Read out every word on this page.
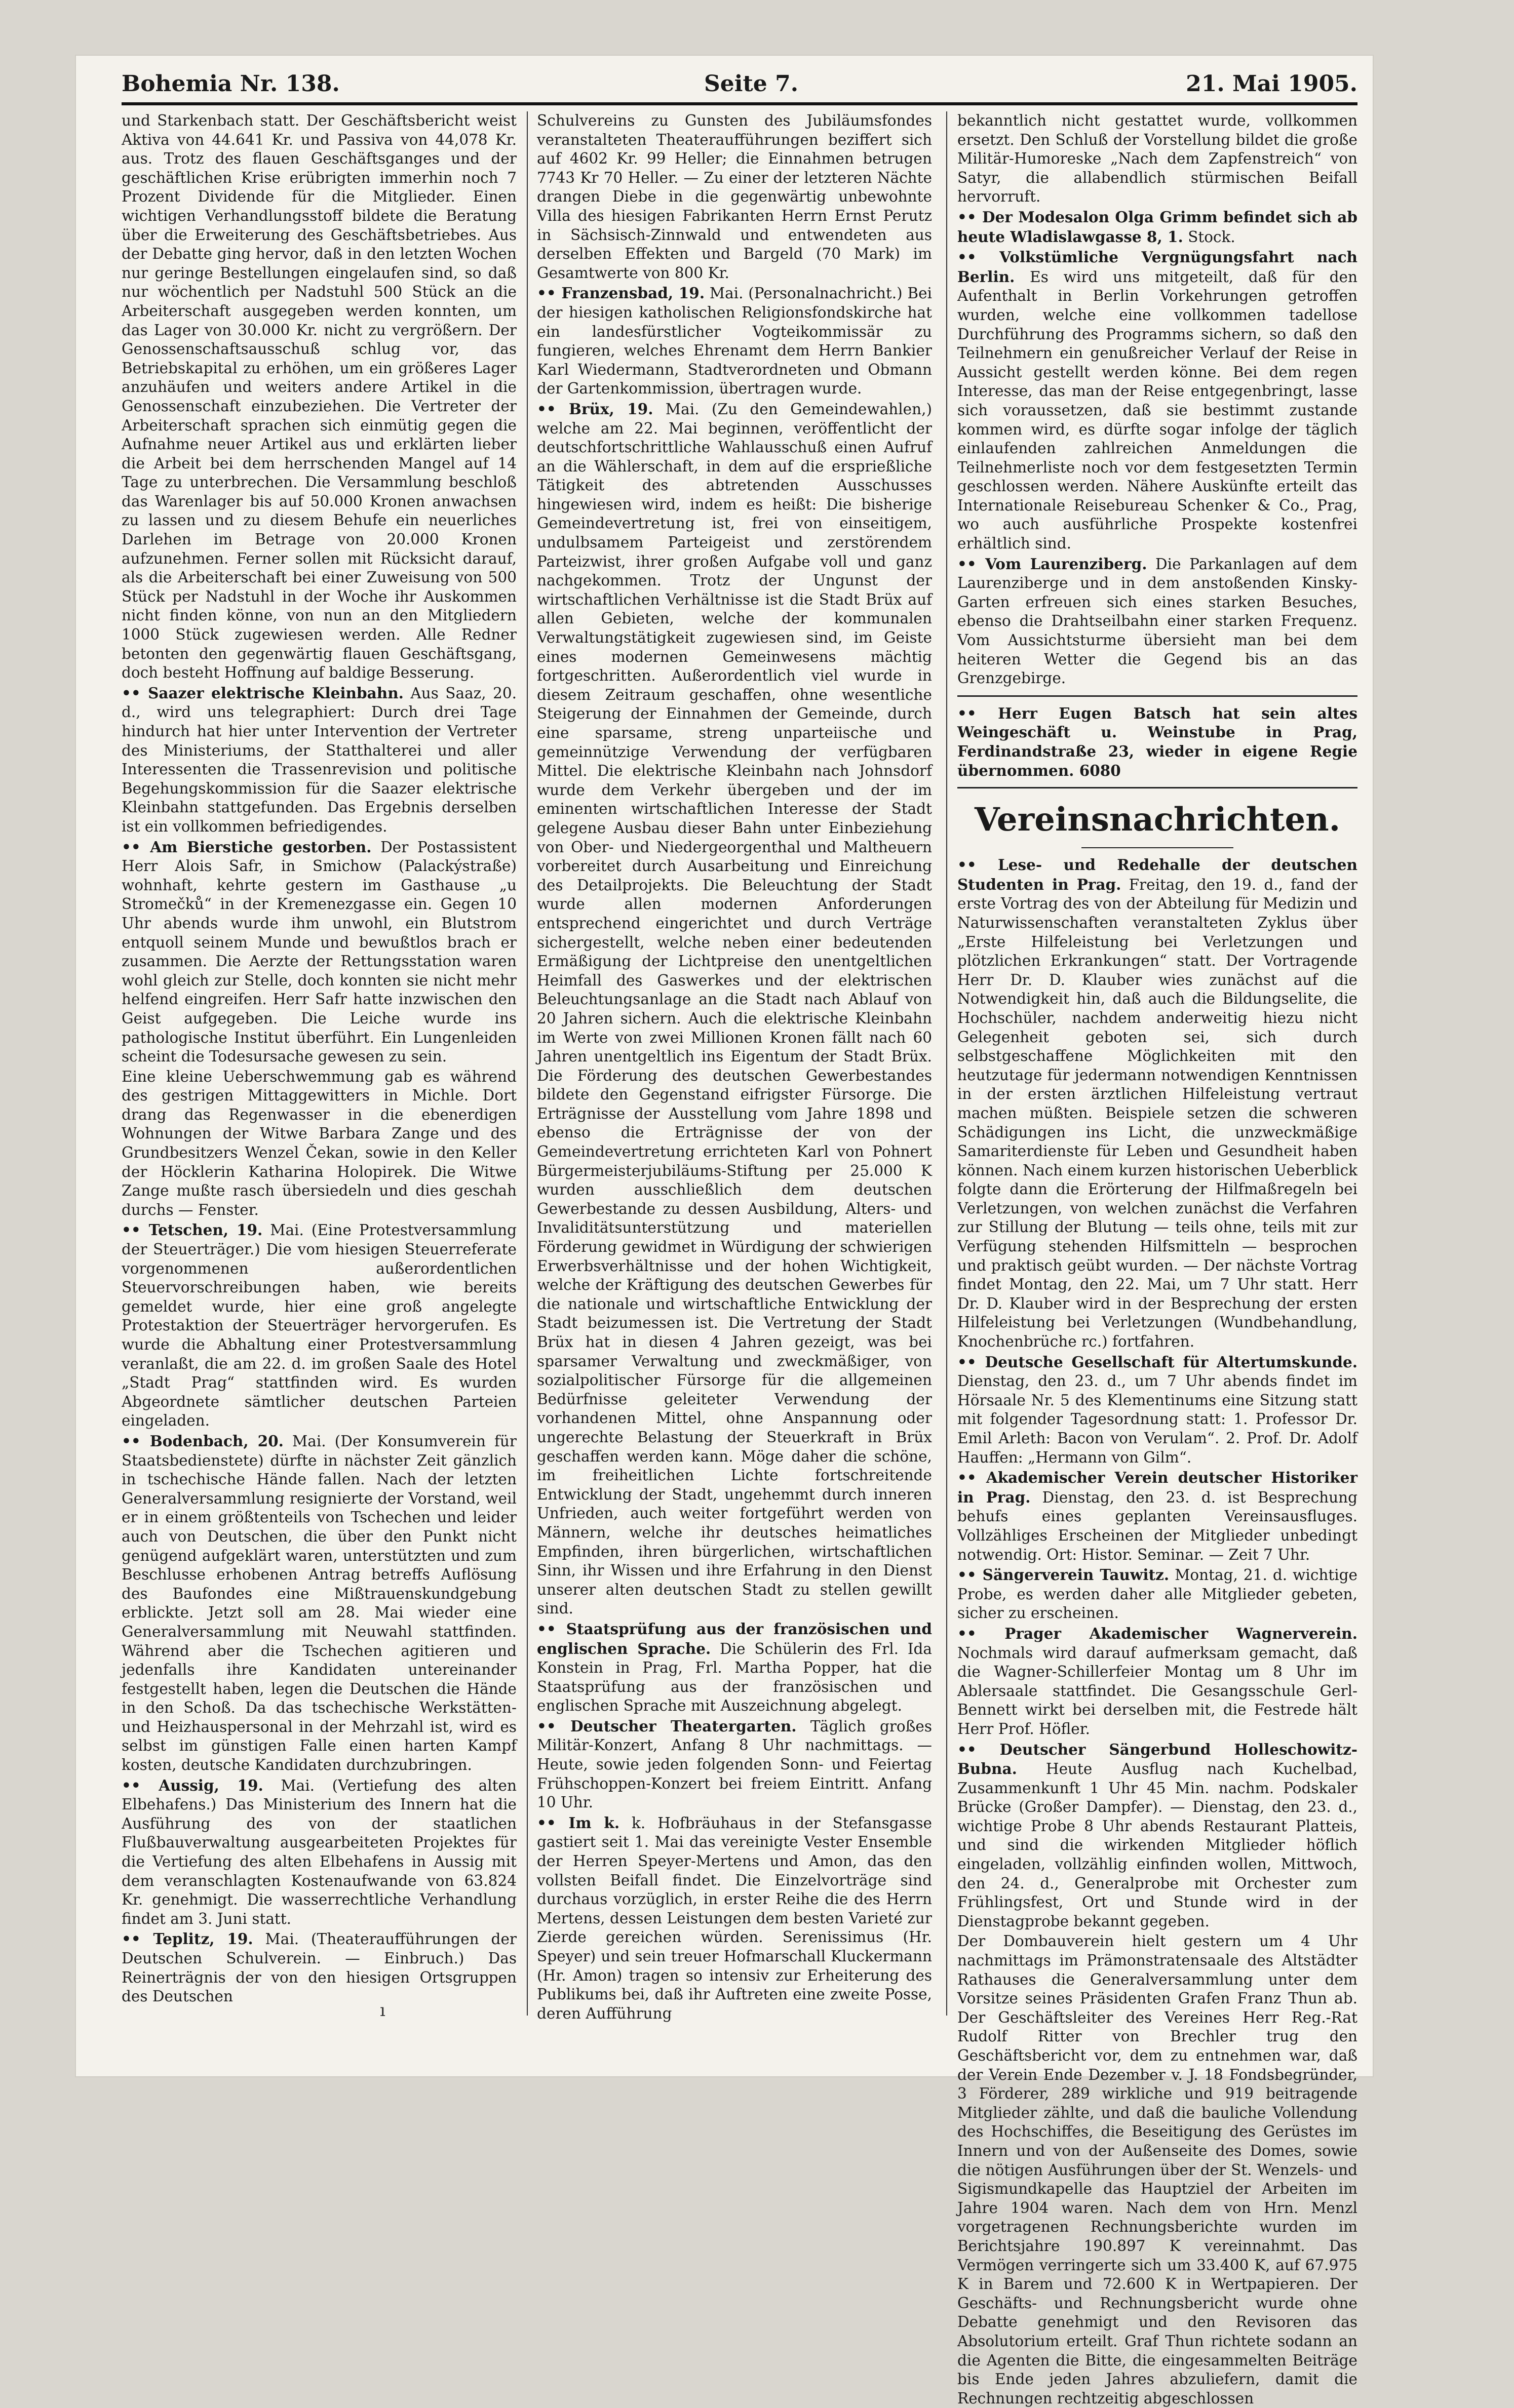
Bohemia Nr. 138.	Seite 7.	21. Mai 1905.

und Starkenbach statt. Der Geschäftsbericht weist Aktiva von 44.641 Kr. und Passiva von 44,078 Kr. aus. Trotz des flauen Geschäftsganges und der geschäftlichen Krise erübrigten immerhin noch 7 Prozent Dividende für die Mitglieder. Einen wichtigen Verhandlungsstoff bildete die Beratung über die Erweiterung des Geschäftsbetriebes. Aus der Debatte ging hervor, daß in den letzten Wochen nur geringe Bestellungen eingelaufen sind, so daß nur wöchentlich per Nadstuhl 500 Stück an die Arbeiterschaft ausgegeben werden konnten, um das Lager von 30.000 Kr. nicht zu vergrößern. Der Genossenschaftsausschuß schlug vor, das Betriebskapital zu erhöhen, um ein größeres Lager anzuhäufen und weiters andere Artikel in die Genossenschaft einzubeziehen. Die Vertreter der Arbeiterschaft sprachen sich einmütig gegen die Aufnahme neuer Artikel aus und erklärten lieber die Arbeit bei dem herrschenden Mangel auf 14 Tage zu unterbrechen. Die Versammlung beschloß das Warenlager bis auf 50.000 Kronen anwachsen zu lassen und zu diesem Behufe ein neuerliches Darlehen im Betrage von 20.000 Kronen aufzunehmen. Ferner sollen mit Rücksicht darauf, als die Arbeiterschaft bei einer Zuweisung von 500 Stück per Nadstuhl in der Woche ihr Auskommen nicht finden könne, von nun an den Mitgliedern 1000 Stück zugewiesen werden. Alle Redner betonten den gegenwärtig flauen Geschäftsgang, doch besteht Hoffnung auf baldige Besserung.

•• Saazer elektrische Kleinbahn. Aus Saaz, 20. d., wird uns telegraphiert: Durch drei Tage hindurch hat hier unter Intervention der Vertreter des Ministeriums, der Statthalterei und aller Interessenten die Trassenrevision und politische Begehungskommission für die Saazer elektrische Kleinbahn stattgefunden. Das Ergebnis derselben ist ein vollkommen befriedigendes.

•• Am Bierstiche gestorben. Der Postassistent Herr Alois Safr, in Smichow (Palackýstraße) wohnhaft, kehrte gestern im Gasthause „u Stromečků“ in der Kremenezgasse ein. Gegen 10 Uhr abends wurde ihm unwohl, ein Blutstrom entquoll seinem Munde und bewußtlos brach er zusammen. Die Aerzte der Rettungsstation waren wohl gleich zur Stelle, doch konnten sie nicht mehr helfend eingreifen. Herr Safr hatte inzwischen den Geist aufgegeben. Die Leiche wurde ins pathologische Institut überführt. Ein Lungenleiden scheint die Todesursache gewesen zu sein.

Eine kleine Ueberschwemmung gab es während des gestrigen Mittaggewitters in Michle. Dort drang das Regenwasser in die ebenerdigen Wohnungen der Witwe Barbara Zange und des Grundbesitzers Wenzel Čekan, sowie in den Keller der Höcklerin Katharina Holopirek. Die Witwe Zange mußte rasch übersiedeln und dies geschah durchs — Fenster.

•• Tetschen, 19. Mai. (Eine Protestversammlung der Steuerträger.) Die vom hiesigen Steuerreferate vorgenommenen außerordentlichen Steuervorschreibungen haben, wie bereits gemeldet wurde, hier eine groß angelegte Protestaktion der Steuerträger hervorgerufen. Es wurde die Abhaltung einer Protestversammlung veranlaßt, die am 22. d. im großen Saale des Hotel „Stadt Prag“ stattfinden wird. Es wurden Abgeordnete sämtlicher deutschen Parteien eingeladen.

•• Bodenbach, 20. Mai. (Der Konsumverein für Staatsbedienstete) dürfte in nächster Zeit gänzlich in tschechische Hände fallen. Nach der letzten Generalversammlung resignierte der Vorstand, weil er in einem größtenteils von Tschechen und leider auch von Deutschen, die über den Punkt nicht genügend aufgeklärt waren, unterstützten und zum Beschlusse erhobenen Antrag betreffs Auflösung des Baufondes eine Mißtrauenskundgebung erblickte. Jetzt soll am 28. Mai wieder eine Generalversammlung mit Neuwahl stattfinden. Während aber die Tschechen agitieren und jedenfalls ihre Kandidaten untereinander festgestellt haben, legen die Deutschen die Hände in den Schoß. Da das tschechische Werkstätten- und Heizhauspersonal in der Mehrzahl ist, wird es selbst im günstigen Falle einen harten Kampf kosten, deutsche Kandidaten durchzubringen.

•• Aussig, 19. Mai. (Vertiefung des alten Elbehafens.) Das Ministerium des Innern hat die Ausführung des von der staatlichen Flußbauverwaltung ausgearbeiteten Projektes für die Vertiefung des alten Elbehafens in Aussig mit dem veranschlagten Kostenaufwande von 63.824 Kr. genehmigt. Die wasserrechtliche Verhandlung findet am 3. Juni statt.

•• Teplitz, 19. Mai. (Theateraufführungen der Deutschen Schulverein. — Einbruch.) Das Reinerträgnis der von den hiesigen Ortsgruppen des Deutschen

Schulvereins zu Gunsten des Jubiläumsfondes veranstalteten Theateraufführungen beziffert sich auf 4602 Kr. 99 Heller; die Einnahmen betrugen 7743 Kr 70 Heller. — Zu einer der letzteren Nächte drangen Diebe in die gegenwärtig unbewohnte Villa des hiesigen Fabrikanten Herrn Ernst Perutz in Sächsisch-Zinnwald und entwendeten aus derselben Effekten und Bargeld (70 Mark) im Gesamtwerte von 800 Kr.

•• Franzensbad, 19. Mai. (Personalnachricht.) Bei der hiesigen katholischen Religionsfondskirche hat ein landesfürstlicher Vogteikommissär zu fungieren, welches Ehrenamt dem Herrn Bankier Karl Wiedermann, Stadtverordneten und Obmann der Gartenkommission, übertragen wurde.

•• Brüx, 19. Mai. (Zu den Gemeindewahlen,) welche am 22. Mai beginnen, veröffentlicht der deutschfortschrittliche Wahlausschuß einen Aufruf an die Wählerschaft, in dem auf die ersprießliche Tätigkeit des abtretenden Ausschusses hingewiesen wird, indem es heißt: Die bisherige Gemeindevertretung ist, frei von einseitigem, undulbsamem Parteigeist und zerstörendem Parteizwist, ihrer großen Aufgabe voll und ganz nachgekommen. Trotz der Ungunst der wirtschaftlichen Verhältnisse ist die Stadt Brüx auf allen Gebieten, welche der kommunalen Verwaltungstätigkeit zugewiesen sind, im Geiste eines modernen Gemeinwesens mächtig fortgeschritten. Außerordentlich viel wurde in diesem Zeitraum geschaffen, ohne wesentliche Steigerung der Einnahmen der Gemeinde, durch eine sparsame, streng unparteiische und gemeinnützige Verwendung der verfügbaren Mittel. Die elektrische Kleinbahn nach Johnsdorf wurde dem Verkehr übergeben und der im eminenten wirtschaftlichen Interesse der Stadt gelegene Ausbau dieser Bahn unter Einbeziehung von Ober- und Niedergeorgenthal und Maltheuern vorbereitet durch Ausarbeitung und Einreichung des Detailprojekts. Die Beleuchtung der Stadt wurde allen modernen Anforderungen entsprechend eingerichtet und durch Verträge sichergestellt, welche neben einer bedeutenden Ermäßigung der Lichtpreise den unentgeltlichen Heimfall des Gaswerkes und der elektrischen Beleuchtungsanlage an die Stadt nach Ablauf von 20 Jahren sichern. Auch die elektrische Kleinbahn im Werte von zwei Millionen Kronen fällt nach 60 Jahren unentgeltlich ins Eigentum der Stadt Brüx. Die Förderung des deutschen Gewerbestandes bildete den Gegenstand eifrigster Fürsorge. Die Erträgnisse der Ausstellung vom Jahre 1898 und ebenso die Erträgnisse der von der Gemeindevertretung errichteten Karl von Pohnert Bürgermeisterjubiläums-Stiftung per 25.000 K wurden ausschließlich dem deutschen Gewerbestande zu dessen Ausbildung, Alters- und Invaliditätsunterstützung und materiellen Förderung gewidmet in Würdigung der schwierigen Erwerbsverhältnisse und der hohen Wichtigkeit, welche der Kräftigung des deutschen Gewerbes für die nationale und wirtschaftliche Entwicklung der Stadt beizumessen ist. Die Vertretung der Stadt Brüx hat in diesen 4 Jahren gezeigt, was bei sparsamer Verwaltung und zweckmäßiger, von sozialpolitischer Fürsorge für die allgemeinen Bedürfnisse geleiteter Verwendung der vorhandenen Mittel, ohne Anspannung oder ungerechte Belastung der Steuerkraft in Brüx geschaffen werden kann. Möge daher die schöne, im freiheitlichen Lichte fortschreitende Entwicklung der Stadt, ungehemmt durch inneren Unfrieden, auch weiter fortgeführt werden von Männern, welche ihr deutsches heimatliches Empfinden, ihren bürgerlichen, wirtschaftlichen Sinn, ihr Wissen und ihre Erfahrung in den Dienst unserer alten deutschen Stadt zu stellen gewillt sind.

•• Staatsprüfung aus der französischen und englischen Sprache. Die Schülerin des Frl. Ida Konstein in Prag, Frl. Martha Popper, hat die Staatsprüfung aus der französischen und englischen Sprache mit Auszeichnung abgelegt.

•• Deutscher Theatergarten. Täglich großes Militär-Konzert, Anfang 8 Uhr nachmittags. — Heute, sowie jeden folgenden Sonn- und Feiertag Frühschoppen-Konzert bei freiem Eintritt. Anfang 10 Uhr.

•• Im k. k. Hofbräuhaus in der Stefansgasse gastiert seit 1. Mai das vereinigte Vester Ensemble der Herren Speyer-Mertens und Amon, das den vollsten Beifall findet. Die Einzelvorträge sind durchaus vorzüglich, in erster Reihe die des Herrn Mertens, dessen Leistungen dem besten Varieté zur Zierde gereichen würden. Serenissimus (Hr. Speyer) und sein treuer Hofmarschall Kluckermann (Hr. Amon) tragen so intensiv zur Erheiterung des Publikums bei, daß ihr Auftreten eine zweite Posse, deren Aufführung

bekanntlich nicht gestattet wurde, vollkommen ersetzt. Den Schluß der Vorstellung bildet die große Militär-Humoreske „Nach dem Zapfenstreich“ von Satyr, die allabendlich stürmischen Beifall hervorruft.

•• Der Modesalon Olga Grimm befindet sich ab heute Wladislawgasse 8, 1. Stock.

•• Volkstümliche Vergnügungsfahrt nach Berlin. Es wird uns mitgeteilt, daß für den Aufenthalt in Berlin Vorkehrungen getroffen wurden, welche eine vollkommen tadellose Durchführung des Programms sichern, so daß den Teilnehmern ein genußreicher Verlauf der Reise in Aussicht gestellt werden könne. Bei dem regen Interesse, das man der Reise entgegenbringt, lasse sich voraussetzen, daß sie bestimmt zustande kommen wird, es dürfte sogar infolge der täglich einlaufenden zahlreichen Anmeldungen die Teilnehmerliste noch vor dem festgesetzten Termin geschlossen werden. Nähere Auskünfte erteilt das Internationale Reisebureau Schenker & Co., Prag, wo auch ausführliche Prospekte kostenfrei erhältlich sind.

•• Vom Laurenziberg. Die Parkanlagen auf dem Laurenziberge und in dem anstoßenden Kinsky-Garten erfreuen sich eines starken Besuches, ebenso die Drahtseilbahn einer starken Frequenz. Vom Aussichtsturme übersieht man bei dem heiteren Wetter die Gegend bis an das Grenzgebirge.

•• Herr Eugen Batsch hat sein altes Weingeschäft u. Weinstube in Prag, Ferdinandstraße 23, wieder in eigene Regie übernommen. 6080

Vereinsnachrichten.

•• Lese- und Redehalle der deutschen Studenten in Prag. Freitag, den 19. d., fand der erste Vortrag des von der Abteilung für Medizin und Naturwissenschaften veranstalteten Zyklus über „Erste Hilfeleistung bei Verletzungen und plötzlichen Erkrankungen“ statt. Der Vortragende Herr Dr. D. Klauber wies zunächst auf die Notwendigkeit hin, daß auch die Bildungselite, die Hochschüler, nachdem anderweitig hiezu nicht Gelegenheit geboten sei, sich durch selbstgeschaffene Möglichkeiten mit den heutzutage für jedermann notwendigen Kenntnissen in der ersten ärztlichen Hilfeleistung vertraut machen müßten. Beispiele setzen die schweren Schädigungen ins Licht, die unzweckmäßige Samariterdienste für Leben und Gesundheit haben können. Nach einem kurzen historischen Ueberblick folgte dann die Erörterung der Hilfmaßregeln bei Verletzungen, von welchen zunächst die Verfahren zur Stillung der Blutung — teils ohne, teils mit zur Verfügung stehenden Hilfsmitteln — besprochen und praktisch geübt wurden. — Der nächste Vortrag findet Montag, den 22. Mai, um 7 Uhr statt. Herr Dr. D. Klauber wird in der Besprechung der ersten Hilfeleistung bei Verletzungen (Wundbehandlung, Knochenbrüche rc.) fortfahren.

•• Deutsche Gesellschaft für Altertumskunde. Dienstag, den 23. d., um 7 Uhr abends findet im Hörsaale Nr. 5 des Klementinums eine Sitzung statt mit folgender Tagesordnung statt: 1. Professor Dr. Emil Arleth: Bacon von Verulam“. 2. Prof. Dr. Adolf Hauffen: „Hermann von Gilm“.

•• Akademischer Verein deutscher Historiker in Prag. Dienstag, den 23. d. ist Besprechung behufs eines geplanten Vereinsausfluges. Vollzähliges Erscheinen der Mitglieder unbedingt notwendig. Ort: Histor. Seminar. — Zeit 7 Uhr.

•• Sängerverein Tauwitz. Montag, 21. d. wichtige Probe, es werden daher alle Mitglieder gebeten, sicher zu erscheinen.

•• Prager Akademischer Wagnerverein. Nochmals wird darauf aufmerksam gemacht, daß die Wagner-Schillerfeier Montag um 8 Uhr im Ablersaale stattfindet. Die Gesangsschule Gerl-Bennett wirkt bei derselben mit, die Festrede hält Herr Prof. Höfler.

•• Deutscher Sängerbund Holleschowitz-Bubna. Heute Ausflug nach Kuchelbad, Zusammenkunft 1 Uhr 45 Min. nachm. Podskaler Brücke (Großer Dampfer). — Dienstag, den 23. d., wichtige Probe 8 Uhr abends Restaurant Platteis, und sind die wirkenden Mitglieder höflich eingeladen, vollzählig einfinden wollen, Mittwoch, den 24. d., Generalprobe mit Orchester zum Frühlingsfest, Ort und Stunde wird in der Dienstagprobe bekannt gegeben.

Der Dombauverein hielt gestern um 4 Uhr nachmittags im Prämonstratensaale des Altstädter Rathauses die Generalversammlung unter dem Vorsitze seines Präsidenten Grafen Franz Thun ab. Der Geschäftsleiter des Vereines Herr Reg.-Rat Rudolf Ritter von Brechler trug den Geschäftsbericht vor, dem zu entnehmen war, daß der Verein Ende Dezember v. J. 18 Fondsbegründer, 3 Förderer, 289 wirkliche und 919 beitragende Mitglieder zählte, und daß die bauliche Vollendung des Hochschiffes, die Beseitigung des Gerüstes im Innern und von der Außenseite des Domes, sowie die nötigen Ausführungen über der St. Wenzels- und Sigismundkapelle das Hauptziel der Arbeiten im Jahre 1904 waren. Nach dem von Hrn. Menzl vorgetragenen Rechnungsberichte wurden im Berichtsjahre 190.897 K vereinnahmt. Das Vermögen verringerte sich um 33.400 K, auf 67.975 K in Barem und 72.600 K in Wertpapieren. Der Geschäfts- und Rechnungsbericht wurde ohne Debatte genehmigt und den Revisoren das Absolutorium erteilt. Graf Thun richtete sodann an die Agenten die Bitte, die eingesammelten Beiträge bis Ende jeden Jahres abzuliefern, damit die Rechnungen rechtzeitig abgeschlossen

ı
